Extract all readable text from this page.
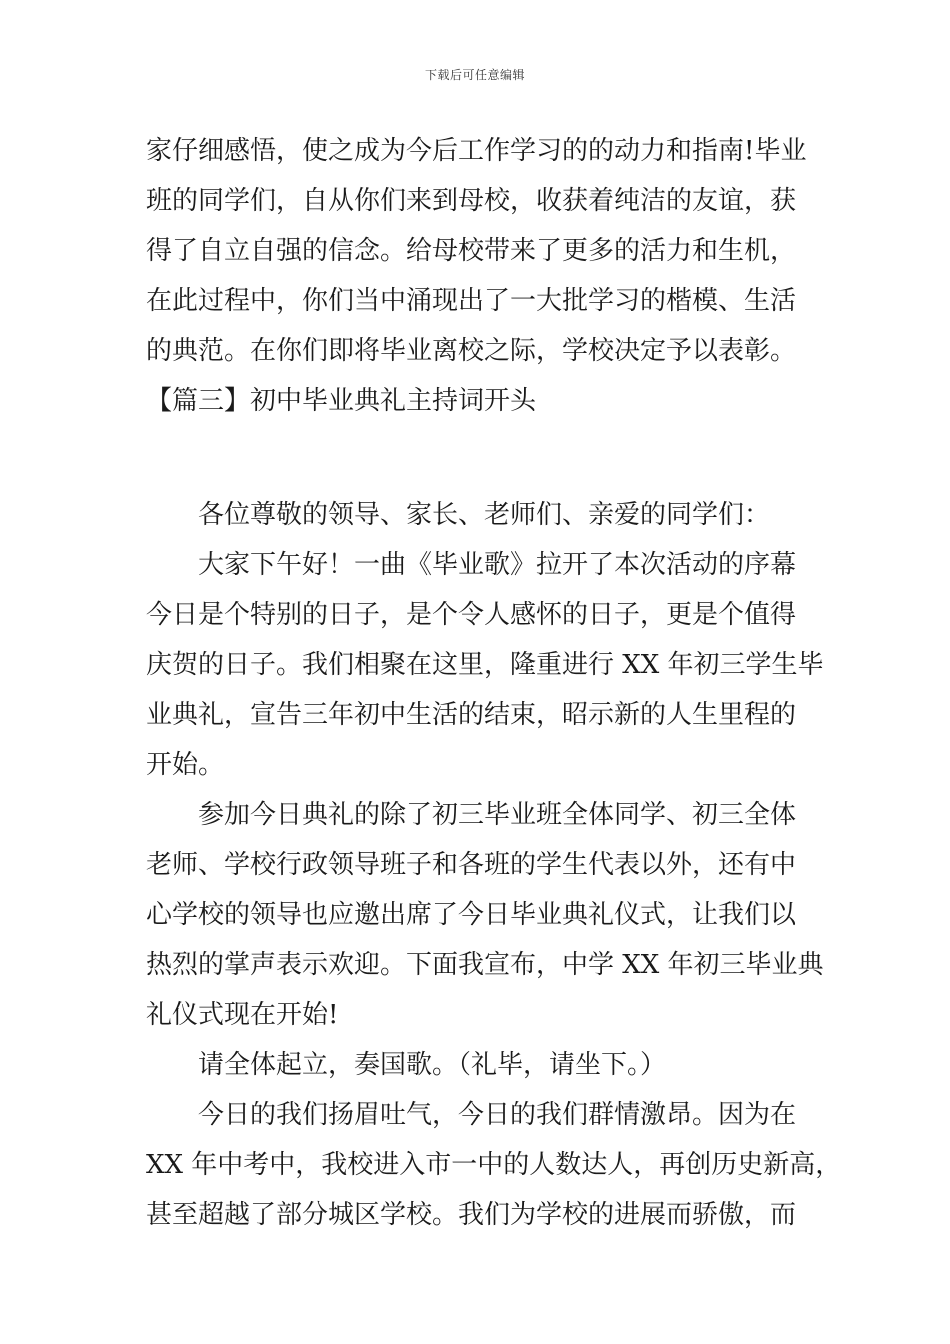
下载后可任意编辑
家仔细感悟，使之成为今后工作学习的的动力和指南!毕业
班的同学们，自从你们来到母校，收获着纯洁的友谊，获
得了自立自强的信念。给母校带来了更多的活力和生机，
在此过程中，你们当中涌现出了一大批学习的楷模、生活
的典范。在你们即将毕业离校之际，学校决定予以表彰。
【篇三】初中毕业典礼主持词开头
各位尊敬的领导、家长、老师们、亲爱的同学们：
大家下午好！一曲《毕业歌》拉开了本次活动的序幕
今日是个特别的日子，是个令人感怀的日子，更是个值得
庆贺的日子。我们相聚在这里，隆重进行 XX 年初三学生毕
业典礼，宣告三年初中生活的结束，昭示新的人生里程的
开始。
参加今日典礼的除了初三毕业班全体同学、初三全体
老师、学校行政领导班子和各班的学生代表以外，还有中
心学校的领导也应邀出席了今日毕业典礼仪式，让我们以
热烈的掌声表示欢迎。下面我宣布，中学 XX 年初三毕业典
礼仪式现在开始!
请全体起立，奏国歌。（礼毕，请坐下。）
今日的我们扬眉吐气，今日的我们群情激昂。因为在
XX 年中考中，我校进入市一中的人数达人，再创历史新高，
甚至超越了部分城区学校。我们为学校的进展而骄傲，而
